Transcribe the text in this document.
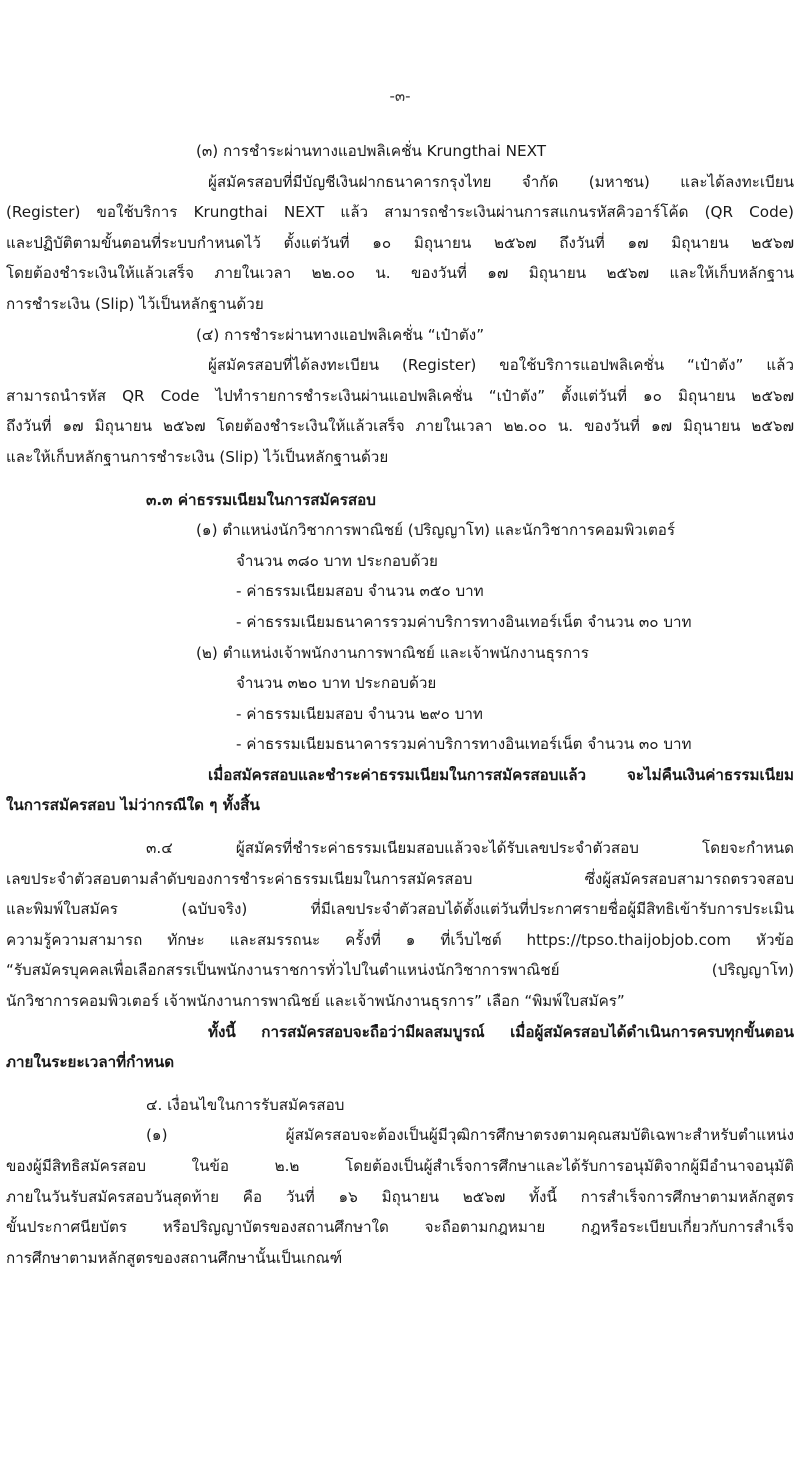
-๓-

(๓) การชำระผ่านทางแอปพลิเคชั่น Krungthai NEXT

ผู้สมัครสอบที่มีบัญชีเงินฝากธนาคารกรุงไทย จำกัด (มหาชน) และได้ลงทะเบียน

(Register) ขอใช้บริการ Krungthai NEXT แล้ว สามารถชำระเงินผ่านการสแกนรหัสคิวอาร์โค้ด (QR Code)

และปฏิบัติตามขั้นตอนที่ระบบกำหนดไว้ ตั้งแต่วันที่ ๑๐ มิถุนายน ๒๕๖๗ ถึงวันที่ ๑๗ มิถุนายน ๒๕๖๗

โดยต้องชำระเงินให้แล้วเสร็จ ภายในเวลา ๒๒.๐๐ น. ของวันที่ ๑๗ มิถุนายน ๒๕๖๗ และให้เก็บหลักฐาน

การชำระเงิน (Slip) ไว้เป็นหลักฐานด้วย

(๔) การชำระผ่านทางแอปพลิเคชั่น “เป๋าตัง”

ผู้สมัครสอบที่ได้ลงทะเบียน (Register) ขอใช้บริการแอปพลิเคชั่น “เป๋าตัง” แล้ว

สามารถนำรหัส QR Code ไปทำรายการชำระเงินผ่านแอปพลิเคชั่น “เป๋าตัง” ตั้งแต่วันที่ ๑๐ มิถุนายน ๒๕๖๗

ถึงวันที่ ๑๗ มิถุนายน ๒๕๖๗ โดยต้องชำระเงินให้แล้วเสร็จ ภายในเวลา ๒๒.๐๐ น. ของวันที่ ๑๗ มิถุนายน ๒๕๖๗

และให้เก็บหลักฐานการชำระเงิน (Slip) ไว้เป็นหลักฐานด้วย

๓.๓ ค่าธรรมเนียมในการสมัครสอบ

(๑) ตำแหน่งนักวิชาการพาณิชย์ (ปริญญาโท) และนักวิชาการคอมพิวเตอร์

จำนวน ๓๘๐ บาท ประกอบด้วย

- ค่าธรรมเนียมสอบ จำนวน ๓๕๐ บาท

- ค่าธรรมเนียมธนาคารรวมค่าบริการทางอินเทอร์เน็ต จำนวน ๓๐ บาท

(๒) ตำแหน่งเจ้าพนักงานการพาณิชย์ และเจ้าพนักงานธุรการ

จำนวน ๓๒๐ บาท ประกอบด้วย

- ค่าธรรมเนียมสอบ จำนวน ๒๙๐ บาท

- ค่าธรรมเนียมธนาคารรวมค่าบริการทางอินเทอร์เน็ต จำนวน ๓๐ บาท

เมื่อสมัครสอบและชำระค่าธรรมเนียมในการสมัครสอบแล้ว จะไม่คืนเงินค่าธรรมเนียม

ในการสมัครสอบ ไม่ว่ากรณีใด ๆ ทั้งสิ้น

๓.๔ ผู้สมัครที่ชำระค่าธรรมเนียมสอบแล้วจะได้รับเลขประจำตัวสอบ โดยจะกำหนด

เลขประจำตัวสอบตามลำดับของการชำระค่าธรรมเนียมในการสมัครสอบ ซึ่งผู้สมัครสอบสามารถตรวจสอบ

และพิมพ์ใบสมัคร (ฉบับจริง) ที่มีเลขประจำตัวสอบได้ตั้งแต่วันที่ประกาศรายชื่อผู้มีสิทธิเข้ารับการประเมิน

ความรู้ความสามารถ ทักษะ และสมรรถนะ ครั้งที่ ๑ ที่เว็บไซต์ https://tpso.thaijobjob.com หัวข้อ

“รับสมัครบุคคลเพื่อเลือกสรรเป็นพนักงานราชการทั่วไปในตำแหน่งนักวิชาการพาณิชย์ (ปริญญาโท)

นักวิชาการคอมพิวเตอร์ เจ้าพนักงานการพาณิชย์ และเจ้าพนักงานธุรการ” เลือก “พิมพ์ใบสมัคร”

ทั้งนี้ การสมัครสอบจะถือว่ามีผลสมบูรณ์ เมื่อผู้สมัครสอบได้ดำเนินการครบทุกขั้นตอน

ภายในระยะเวลาที่กำหนด

๔. เงื่อนไขในการรับสมัครสอบ

(๑) ผู้สมัครสอบจะต้องเป็นผู้มีวุฒิการศึกษาตรงตามคุณสมบัติเฉพาะสำหรับตำแหน่ง

ของผู้มีสิทธิสมัครสอบ ในข้อ ๒.๒ โดยต้องเป็นผู้สำเร็จการศึกษาและได้รับการอนุมัติจากผู้มีอำนาจอนุมัติ

ภายในวันรับสมัครสอบวันสุดท้าย คือ วันที่ ๑๖ มิถุนายน ๒๕๖๗ ทั้งนี้ การสำเร็จการศึกษาตามหลักสูตร

ขั้นประกาศนียบัตร หรือปริญญาบัตรของสถานศึกษาใด จะถือตามกฎหมาย กฎหรือระเบียบเกี่ยวกับการสำเร็จ

การศึกษาตามหลักสูตรของสถานศึกษานั้นเป็นเกณฑ์
